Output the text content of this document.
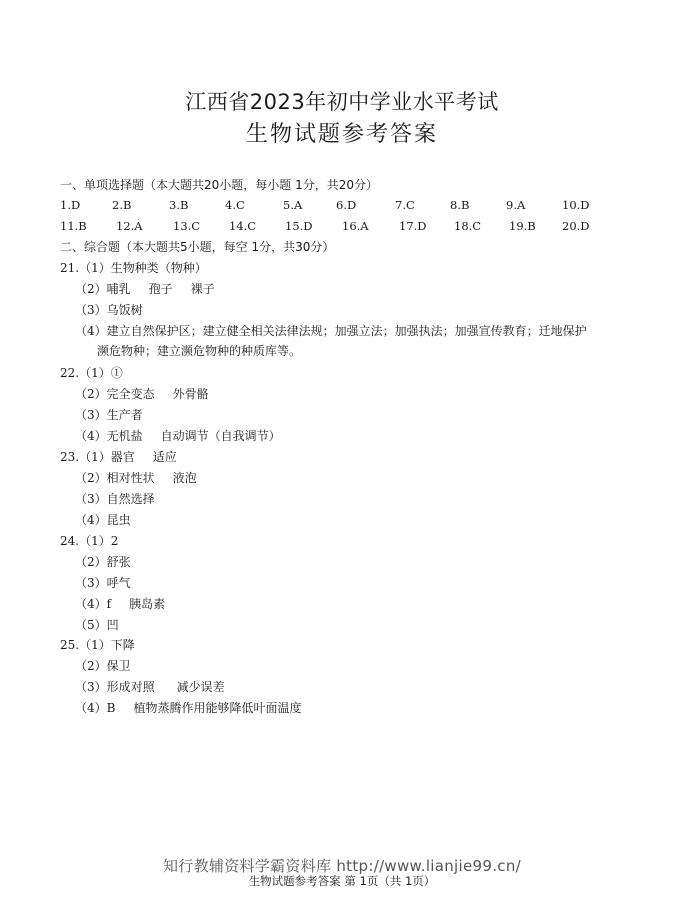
江西省2023年初中学业水平考试
生物试题参考答案
一、单项选择题（本大题共20小题，每小题 1分，共20分）
1.D	2.B	3.B	4.C	5.A	6.D	7.C	8.B	9.A	10.D
11.B	12.A	13.C	14.C	15.D	16.A	17.D 18.C 19.B 20.D
二、综合题（本大题共5小题，每空 1分，共30分）
21.（1）生物种类（物种）
（2）哺乳 孢子 裸子
（3）乌饭树
（4）建立自然保护区；建立健全相关法律法规；加强立法；加强执法；加强宣传教育；迁地保护
濒危物种；建立濒危物种的种质库等。
22.（1）①
（2）完全变态 外骨骼
（3）生产者
（4）无机盐 自动调节（自我调节）
23.（1）器官 适应
（2）相对性状 液泡
（3）自然选择
（4）昆虫
24.（1）2
（2）舒张
（3）呼气
（4）f 胰岛素
（5）凹
25.（1）下降
（2）保卫
（3）形成对照 减少误差
（4）B 植物蒸腾作用能够降低叶面温度
知行教辅资料学霸资料库 http://www.lianjie99.cn/
生物试题参考答案 第 1页（共 1页）
